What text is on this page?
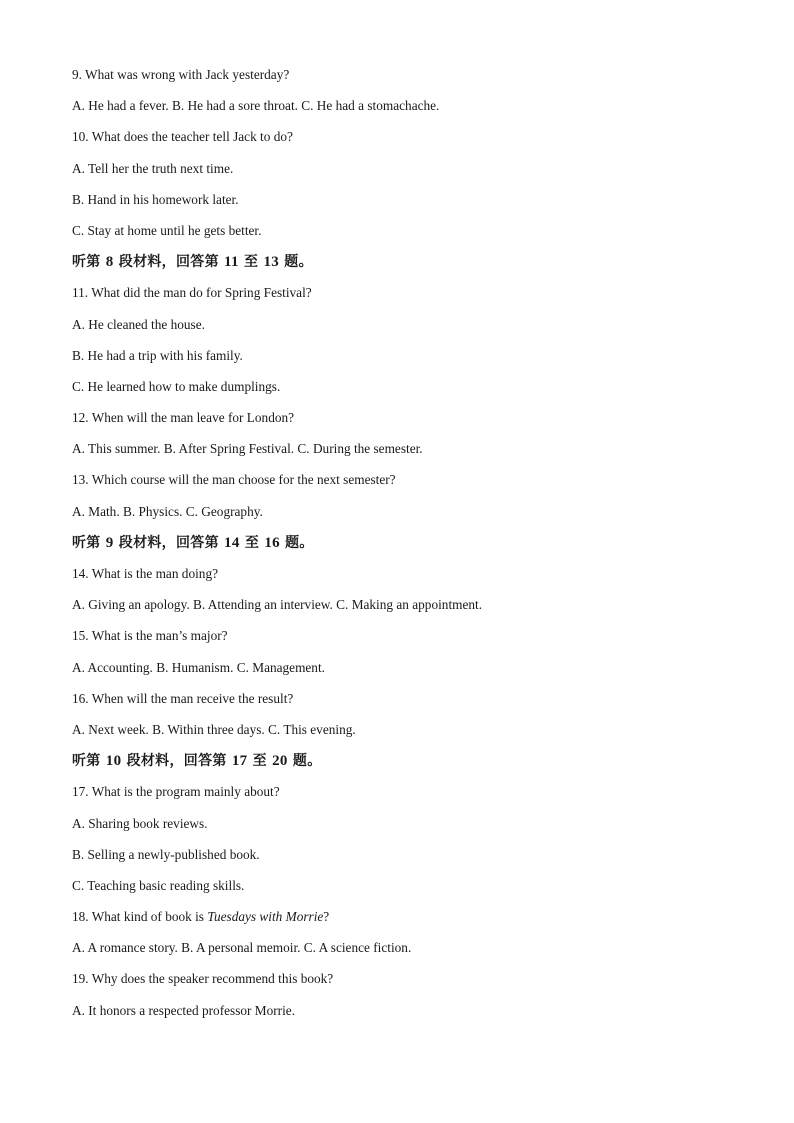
9. What was wrong with Jack yesterday?
A. He had a fever. B. He had a sore throat. C. He had a stomachache.
10. What does the teacher tell Jack to do?
A. Tell her the truth next time.
B. Hand in his homework later.
C. Stay at home until he gets better.
听第 8 段材料，回答第 11 至 13 题。
11. What did the man do for Spring Festival?
A. He cleaned the house.
B. He had a trip with his family.
C. He learned how to make dumplings.
12. When will the man leave for London?
A. This summer. B. After Spring Festival. C. During the semester.
13. Which course will the man choose for the next semester?
A. Math. B. Physics. C. Geography.
听第 9 段材料，回答第 14 至 16 题。
14. What is the man doing?
A. Giving an apology. B. Attending an interview. C. Making an appointment.
15. What is the man’s major?
A. Accounting. B. Humanism. C. Management.
16. When will the man receive the result?
A. Next week. B. Within three days. C. This evening.
听第 10 段材料，回答第 17 至 20 题。
17. What is the program mainly about?
A. Sharing book reviews.
B. Selling a newly-published book.
C. Teaching basic reading skills.
18. What kind of book is Tuesdays with Morrie?
A. A romance story. B. A personal memoir. C. A science fiction.
19. Why does the speaker recommend this book?
A. It honors a respected professor Morrie.
